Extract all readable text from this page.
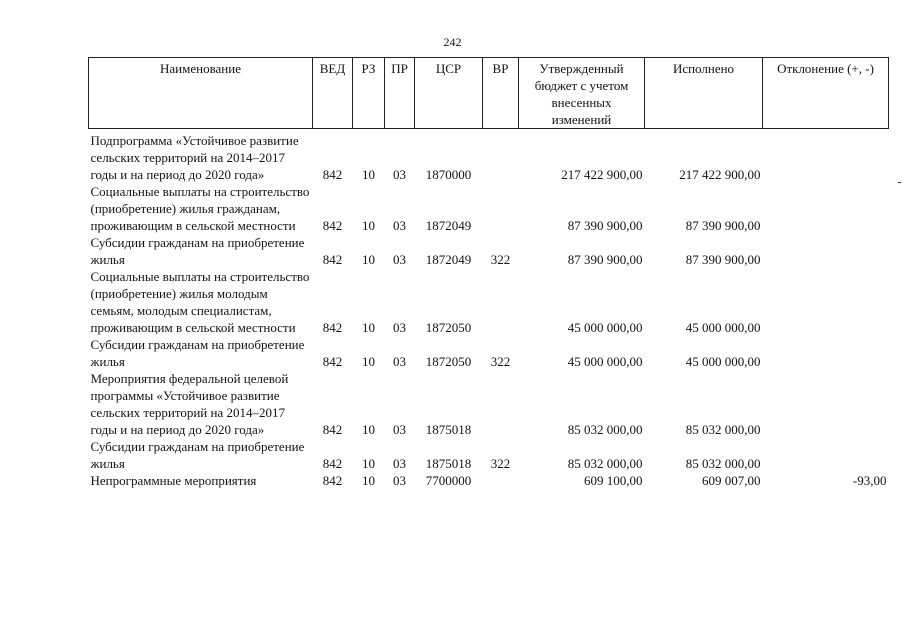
242
Наименование	ВЕД	РЗ	ПР	ЦСР	ВР	Утвержденный бюджет с учетом внесенных изменений	Исполнено	Отклонение (+, -)
Подпрограмма «Устойчивое развитие сельских территорий на 2014–2017 годы и на период до 2020 года»	842	10	03	1870000		217 422 900,00	217 422 900,00	
Социальные выплаты на строительство (приобретение) жилья гражданам, проживающим в сельской местности	842	10	03	1872049		87 390 900,00	87 390 900,00	
Субсидии гражданам на приобретение жилья	842	10	03	1872049	322	87 390 900,00	87 390 900,00	
Социальные выплаты на строительство (приобретение) жилья молодым семьям, молодым специалистам, проживающим в сельской местности	842	10	03	1872050		45 000 000,00	45 000 000,00	
Субсидии гражданам на приобретение жилья	842	10	03	1872050	322	45 000 000,00	45 000 000,00	
Мероприятия федеральной целевой программы «Устойчивое развитие сельских территорий на 2014–2017 годы и на период до 2020 года»	842	10	03	1875018		85 032 000,00	85 032 000,00	
Субсидии гражданам на приобретение жилья	842	10	03	1875018	322	85 032 000,00	85 032 000,00	
Непрограммные мероприятия	842	10	03	7700000		609 100,00	609 007,00	-93,00
